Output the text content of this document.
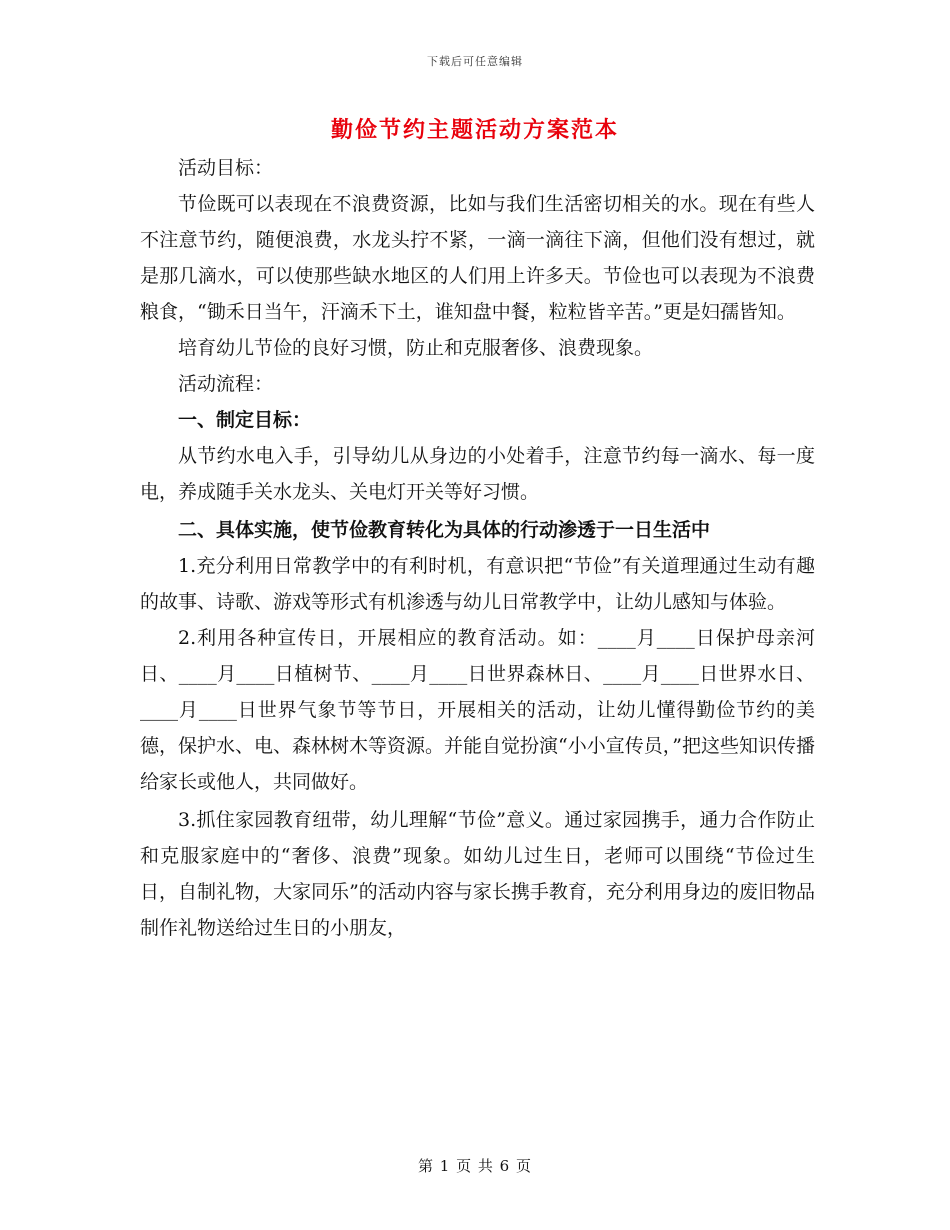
下载后可任意编辑
勤俭节约主题活动方案范本

活动目标：

节俭既可以表现在不浪费资源，比如与我们生活密切相关的水。现在有些人不注意节约，随便浪费，水龙头拧不紧，一滴一滴往下滴，但他们没有想过，就是那几滴水，可以使那些缺水地区的人们用上许多天。节俭也可以表现为不浪费粮食，“锄禾日当午，汗滴禾下土，谁知盘中餐，粒粒皆辛苦。”更是妇孺皆知。

培育幼儿节俭的良好习惯，防止和克服奢侈、浪费现象。

活动流程：

一、制定目标：

从节约水电入手，引导幼儿从身边的小处着手，注意节约每一滴水、每一度电，养成随手关水龙头、关电灯开关等好习惯。

二、具体实施，使节俭教育转化为具体的行动渗透于一日生活中

1.充分利用日常教学中的有利时机，有意识把“节俭”有关道理通过生动有趣的故事、诗歌、游戏等形式有机渗透与幼儿日常教学中，让幼儿感知与体验。

2.利用各种宣传日，开展相应的教育活动。如：____月____日保护母亲河日、____月____日植树节、____月____日世界森林日、____月____日世界水日、____月____日世界气象节等节日，开展相关的活动，让幼儿懂得勤俭节约的美德，保护水、电、森林树木等资源。并能自觉扮演“小小宣传员，”把这些知识传播给家长或他人，共同做好。

3.抓住家园教育纽带，幼儿理解“节俭”意义。通过家园携手，通力合作防止和克服家庭中的“奢侈、浪费”现象。如幼儿过生日，老师可以围绕“节俭过生日，自制礼物，大家同乐”的活动内容与家长携手教育，充分利用身边的废旧物品制作礼物送给过生日的小朋友，

第 1 页 共 6 页
